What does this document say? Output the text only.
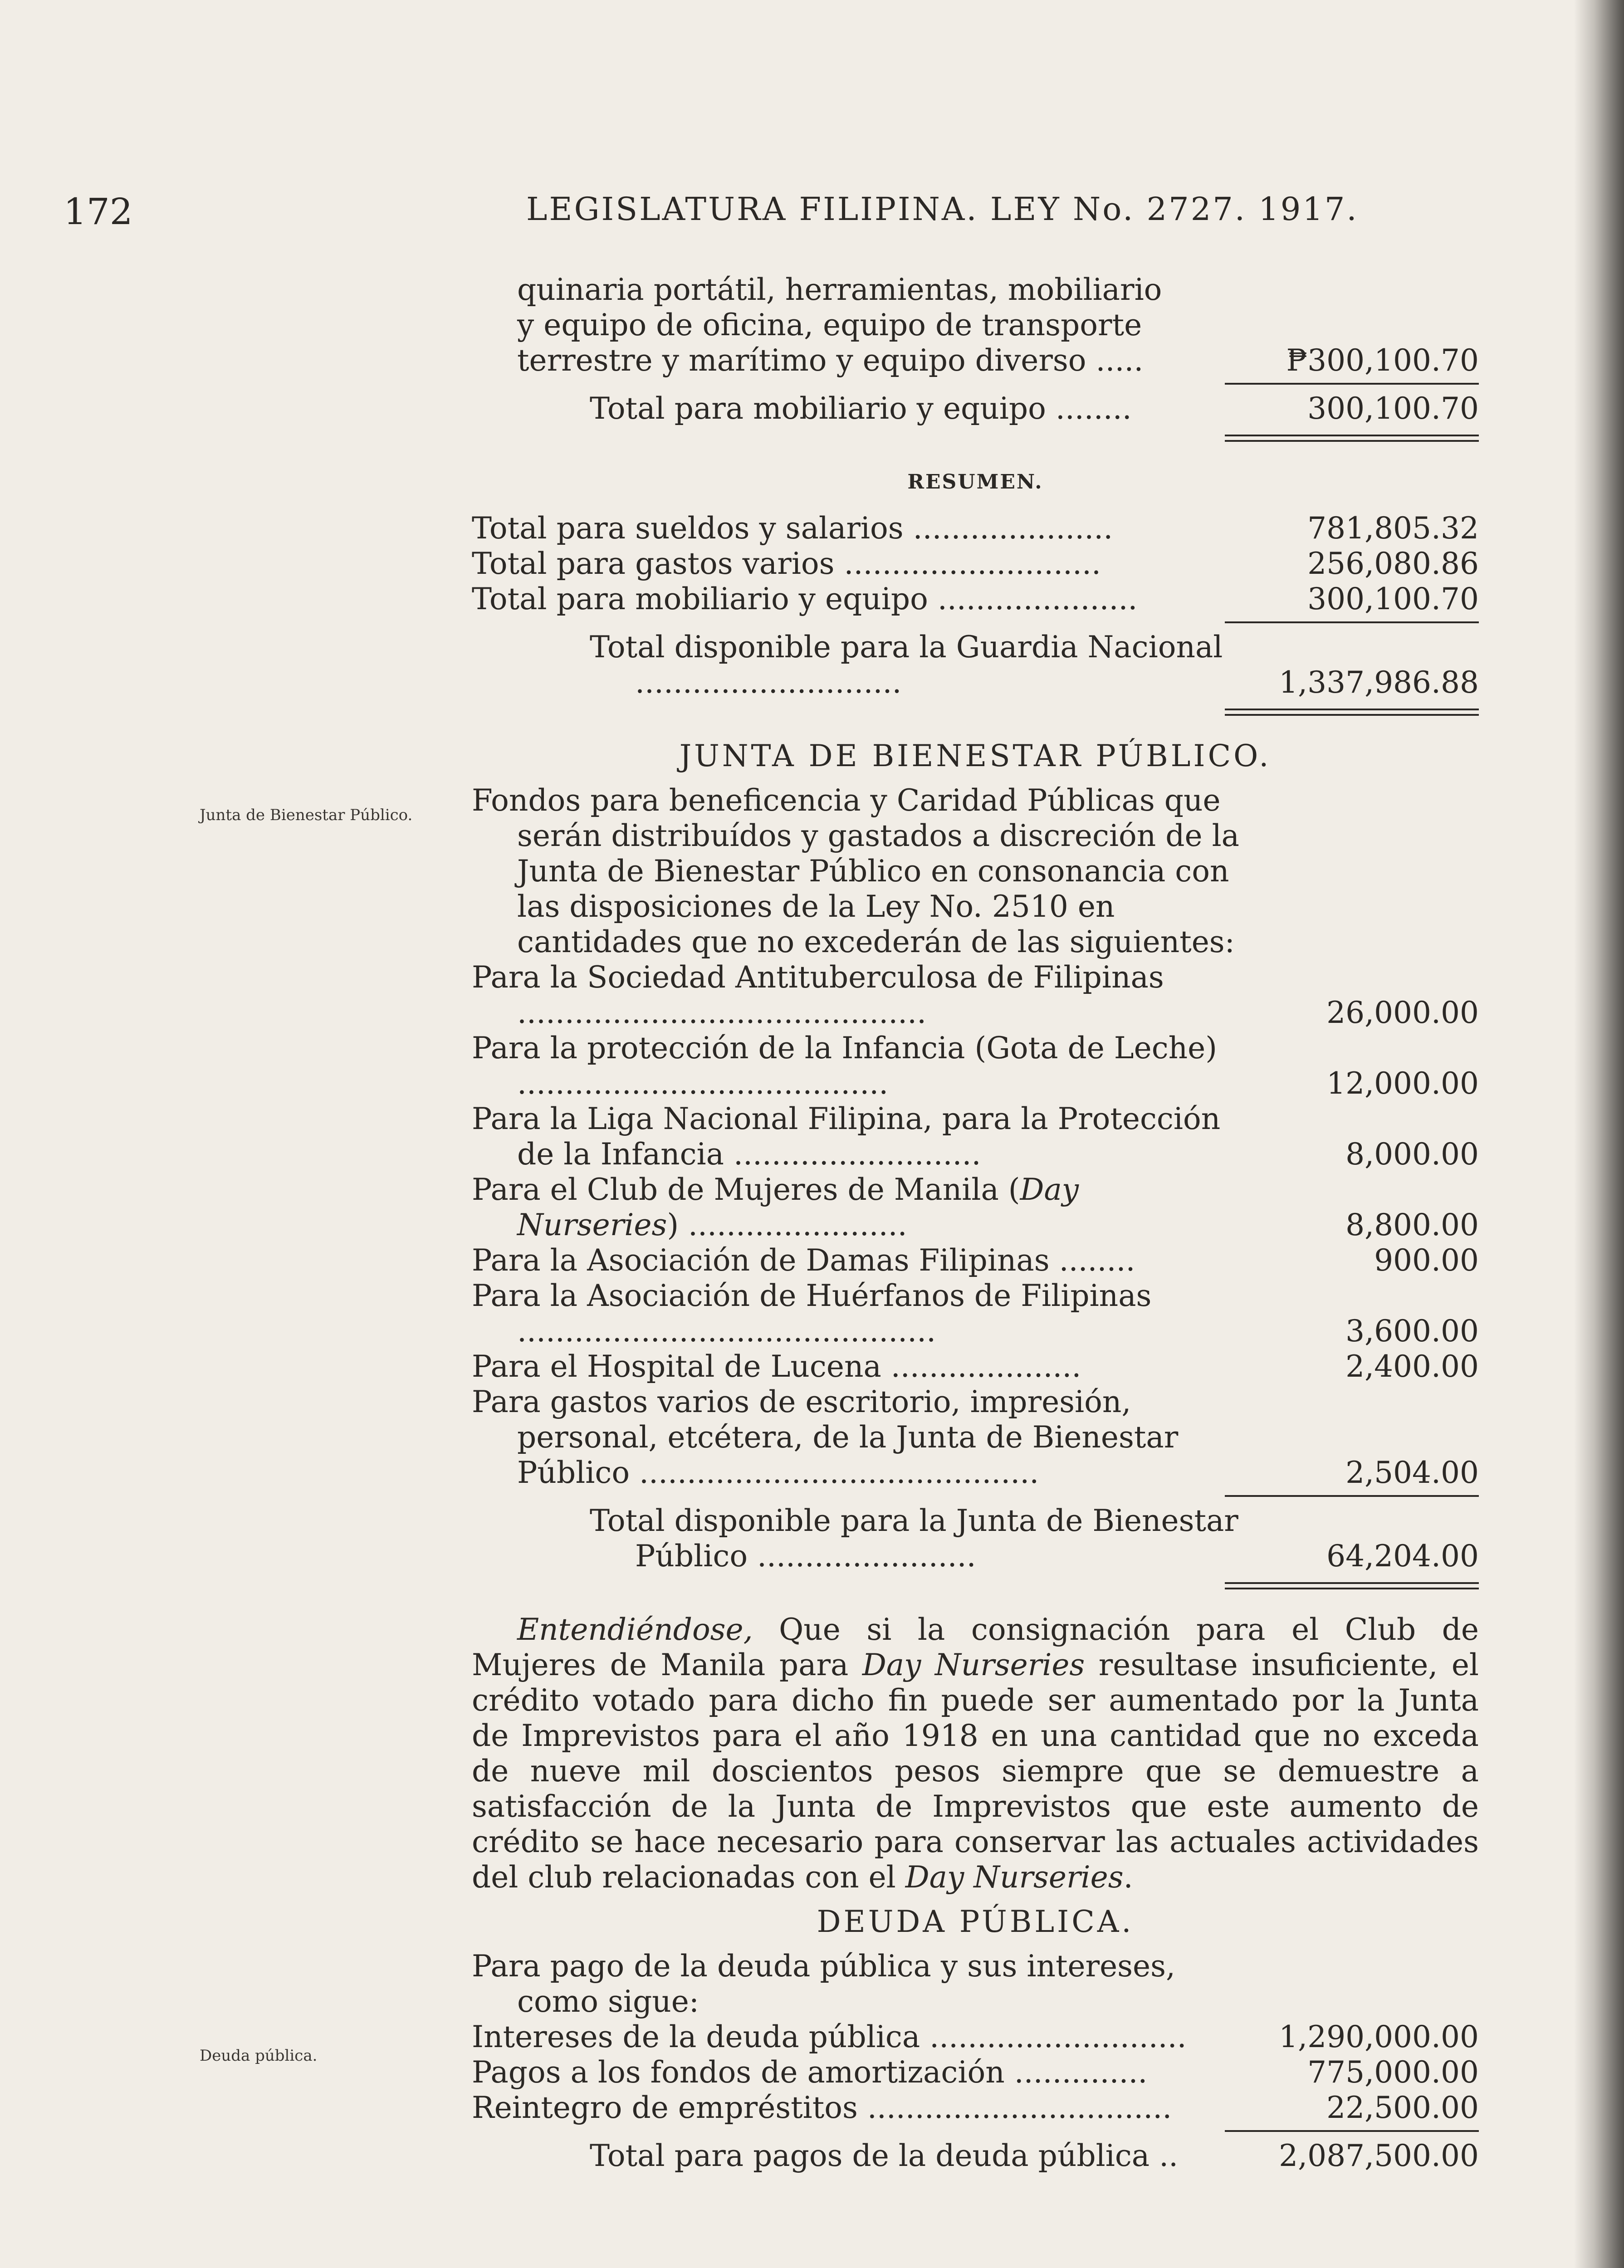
172	LEGISLATURA FILIPINA. LEY No. 2727. 1917.
Junta de Bienestar Público.
Deuda pública.
quinaria portátil, herramientas, mobiliario
y equipo de oficina, equipo de transporte
terrestre y marítimo y equipo diverso .....	₱300,100.70
Total para mobiliario y equipo ........	300,100.70
RESUMEN.
Total para sueldos y salarios .....................	781,805.32
Total para gastos varios ...........................	256,080.86
Total para mobiliario y equipo .....................	300,100.70
Total disponible para la Guardia Nacional ............................	1,337,986.88
JUNTA DE BIENESTAR PÚBLICO.
Fondos para beneficencia y Caridad Públicas que serán distribuídos y gastados a discreción de la Junta de Bienestar Público en consonancia con las disposiciones de la Ley No. 2510 en cantidades que no excederán de las siguientes:
Para la Sociedad Antituberculosa de Filipinas ...........................................	26,000.00
Para la protección de la Infancia (Gota de Leche) .......................................	12,000.00
Para la Liga Nacional Filipina, para la Protección de la Infancia ..........................	8,000.00
Para el Club de Mujeres de Manila (Day Nurseries) .......................	8,800.00
Para la Asociación de Damas Filipinas ........	900.00
Para la Asociación de Huérfanos de Filipinas ............................................	3,600.00
Para el Hospital de Lucena ....................	2,400.00
Para gastos varios de escritorio, impresión, personal, etcétera, de la Junta de Bienestar Público ..........................................	2,504.00
Total disponible para la Junta de Bienestar Público .......................	64,204.00

Entendiéndose, Que si la consignación para el Club de Mujeres de Manila para Day Nurseries resultase insuficiente, el crédito votado para dicho fin puede ser aumentado por la Junta de Imprevistos para el año 1918 en una cantidad que no exceda de nueve mil doscientos pesos siempre que se demuestre a satisfacción de la Junta de Imprevistos que este aumento de crédito se hace necesario para conservar las actuales actividades del club relacionadas con el Day Nurseries.

DEUDA PÚBLICA.
Para pago de la deuda pública y sus intereses, como sigue:
Intereses de la deuda pública ...........................	1,290,000.00
Pagos a los fondos de amortización ..............	775,000.00
Reintegro de empréstitos ................................	22,500.00
Total para pagos de la deuda pública ..	2,087,500.00
